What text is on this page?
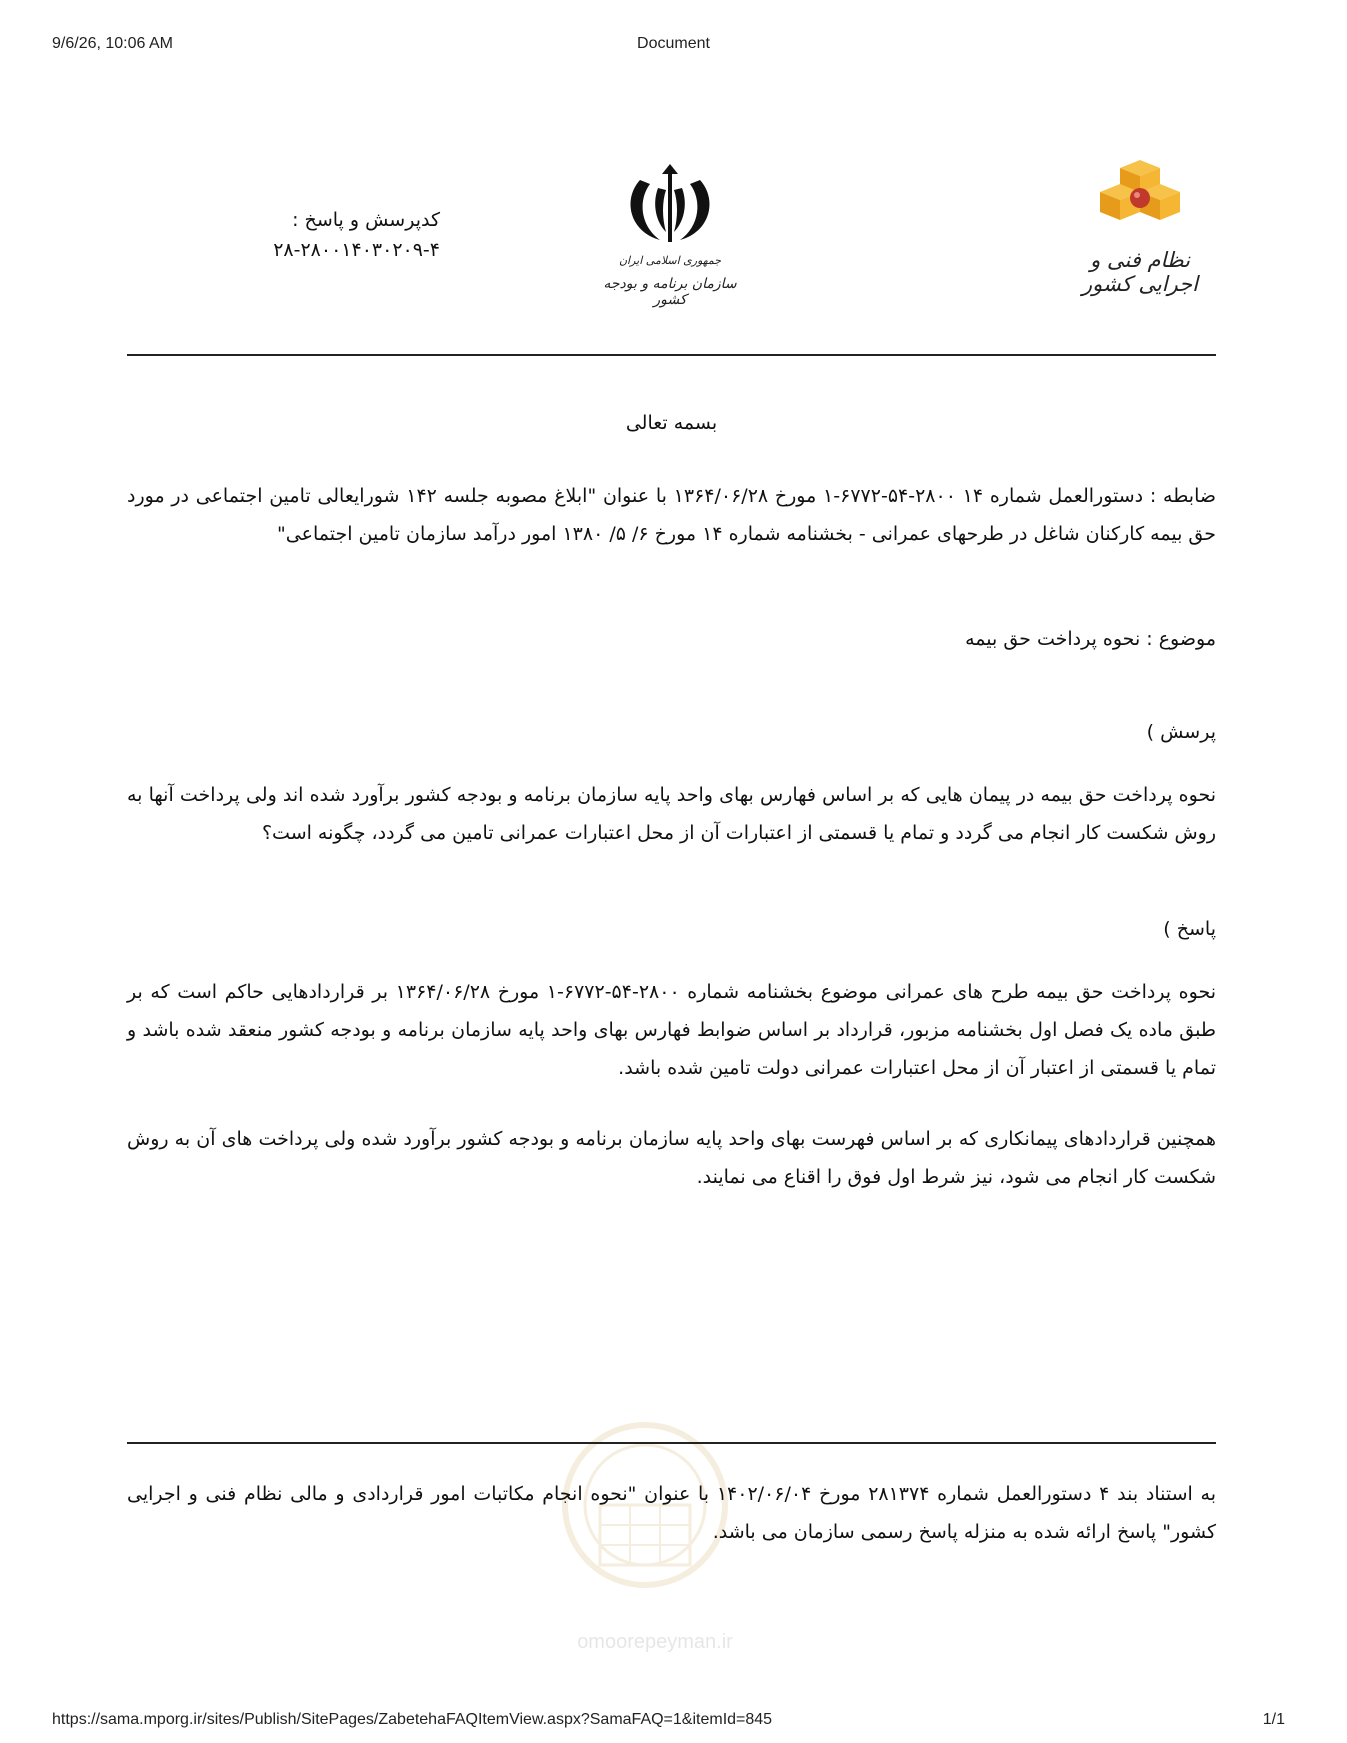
9/6/26, 10:06 AM	Document
نظام فنی و اجرایی کشور
جمهوری اسلامی ایران
سازمان برنامه و بودجه کشور
کدپرسش و پاسخ :
۲۸-۲۸۰۰۱۴۰۳۰۲۰۹-۴
بسمه تعالی

ضابطه : دستورالعمل شماره ۱۴ ۲۸۰۰-۵۴-۶۷۷۲-۱ مورخ ۱۳۶۴/۰۶/۲۸ با عنوان "ابلاغ مصوبه جلسه ۱۴۲ شورایعالی تامین اجتماعی در مورد حق بیمه کارکنان شاغل در طرحهای عمرانی - بخشنامه شماره ۱۴ مورخ ۶/ ۵/ ۱۳۸۰ امور درآمد سازمان تامین اجتماعی"

موضوع : نحوه پرداخت حق بیمه

پرسش )

نحوه پرداخت حق بیمه در پیمان هایی که بر اساس فهارس بهای واحد پایه سازمان برنامه و بودجه کشور برآورد شده اند ولی پرداخت آنها به روش شکست کار انجام می گردد و تمام یا قسمتی از اعتبارات آن از محل اعتبارات عمرانی تامین می گردد، چگونه است؟

پاسخ )

نحوه پرداخت حق بیمه طرح های عمرانی موضوع بخشنامه شماره ۲۸۰۰-۵۴-۶۷۷۲-۱ مورخ ۱۳۶۴/۰۶/۲۸ بر قراردادهایی حاکم است که بر طبق ماده یک فصل اول بخشنامه مزبور، قرارداد بر اساس ضوابط فهارس بهای واحد پایه سازمان برنامه و بودجه کشور منعقد شده باشد و تمام یا قسمتی از اعتبار آن از محل اعتبارات عمرانی دولت تامین شده باشد.

همچنین قراردادهای پیمانکاری که بر اساس فهرست بهای واحد پایه سازمان برنامه و بودجه کشور برآورد شده ولی پرداخت های آن به روش شکست کار انجام می شود، نیز شرط اول فوق را اقناع می نمایند.

omoorepeyman.ir

به استناد بند ۴ دستورالعمل شماره ۲۸۱۳۷۴ مورخ ۱۴۰۲/۰۶/۰۴ با عنوان "نحوه انجام مکاتبات امور قراردادی و مالی نظام فنی و اجرایی کشور" پاسخ ارائه شده به منزله پاسخ رسمی سازمان می باشد.

https://sama.mporg.ir/sites/Publish/SitePages/ZabetehaFAQItemView.aspx?SamaFAQ=1&itemId=845	1/1
